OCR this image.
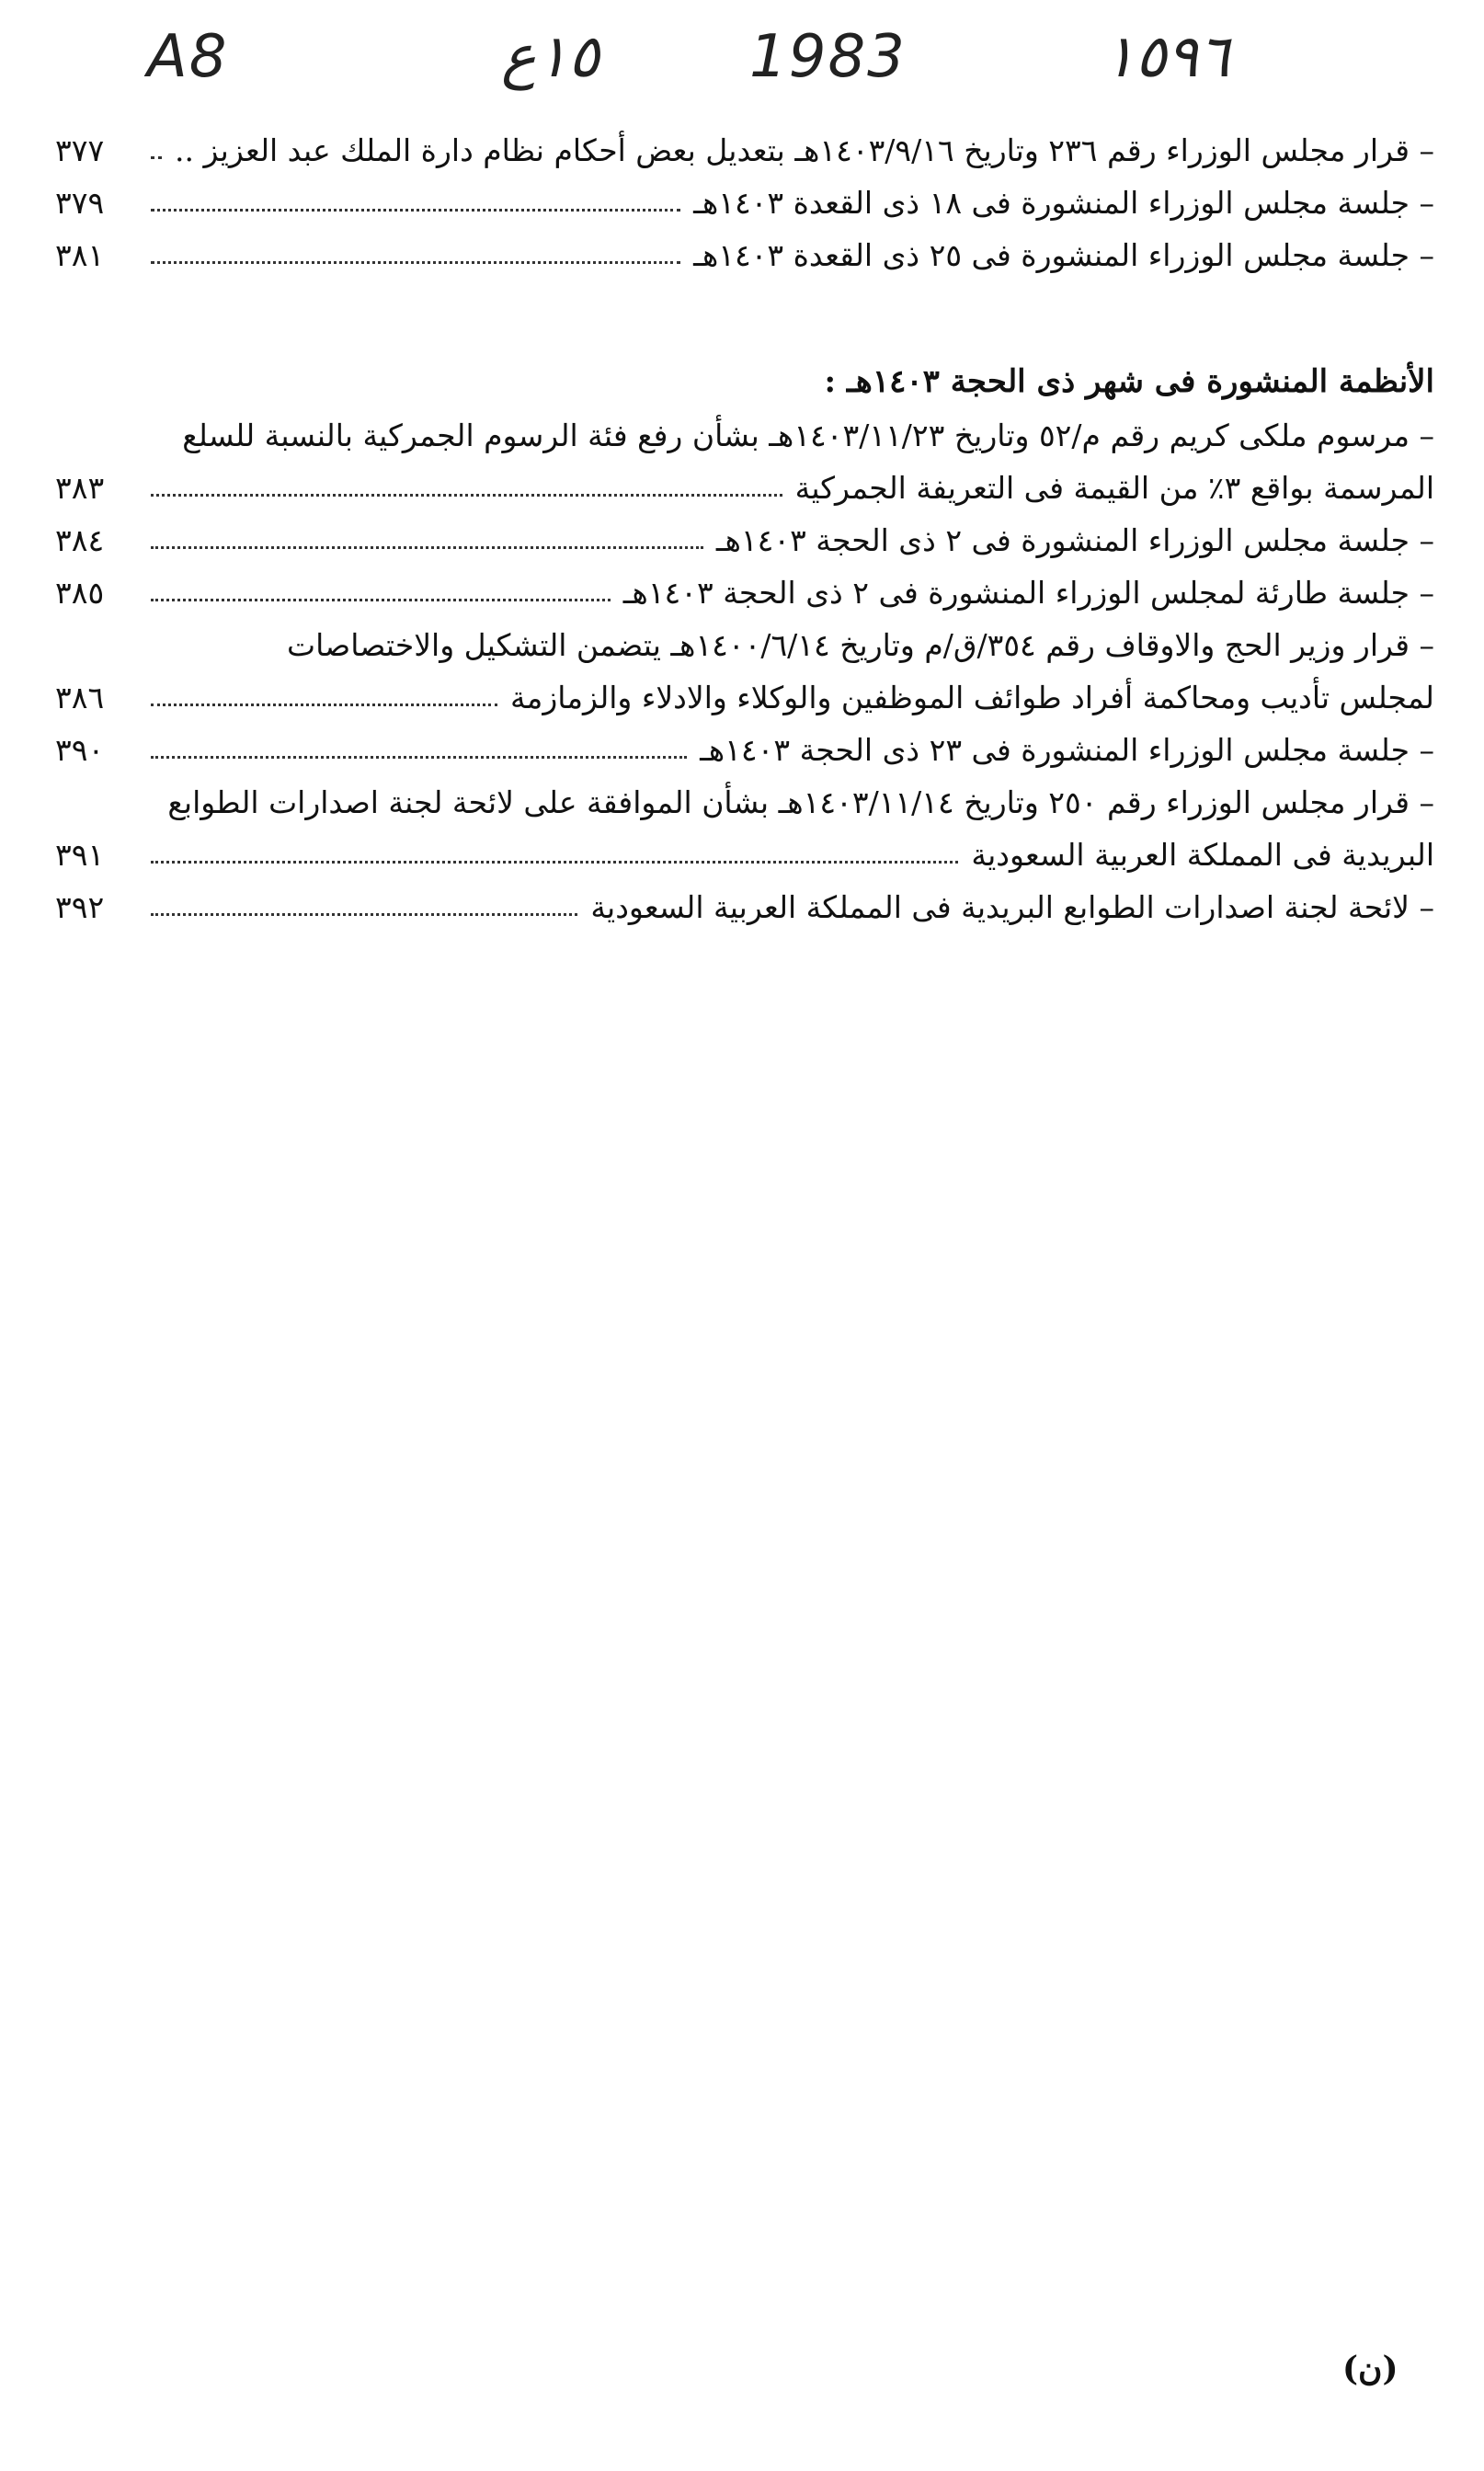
A8	١٥ع	1983	١٥٩٦
– قرار مجلس الوزراء رقم ٢٣٦ وتاريخ ١٤٠٣/٩/١٦هـ بتعديل بعض أحكام نظام دارة الملك عبد العزيز ..
٣٧٧
– جلسة مجلس الوزراء المنشورة فى ١٨ ذى القعدة ١٤٠٣هـ
٣٧٩
– جلسة مجلس الوزراء المنشورة فى ٢٥ ذى القعدة ١٤٠٣هـ
٣٨١
الأنظمة المنشورة فى شهر ذى الحجة ١٤٠٣هـ :
– مرسوم ملكى كريم رقم م/٥٢ وتاريخ ١٤٠٣/١١/٢٣هـ بشأن رفع فئة الرسوم الجمركية بالنسبة للسلع
المرسمة بواقع ٣٪ من القيمة فى التعريفة الجمركية
٣٨٣
– جلسة مجلس الوزراء المنشورة فى ٢ ذى الحجة ١٤٠٣هـ
٣٨٤
– جلسة طارئة لمجلس الوزراء المنشورة فى ٢ ذى الحجة ١٤٠٣هـ
٣٨٥
– قرار وزير الحج والاوقاف رقم ٣٥٤/ق/م وتاريخ ١٤٠٠/٦/١٤هـ يتضمن التشكيل والاختصاصات
لمجلس تأديب ومحاكمة أفراد طوائف الموظفين والوكلاء والادلاء والزمازمة
٣٨٦
– جلسة مجلس الوزراء المنشورة فى ٢٣ ذى الحجة ١٤٠٣هـ
٣٩٠
– قرار مجلس الوزراء رقم ٢٥٠ وتاريخ ١٤٠٣/١١/١٤هـ بشأن الموافقة على لائحة لجنة اصدارات الطوابع
البريدية فى المملكة العربية السعودية
٣٩١
– لائحة لجنة اصدارات الطوابع البريدية فى المملكة العربية السعودية
٣٩٢
(ن)
